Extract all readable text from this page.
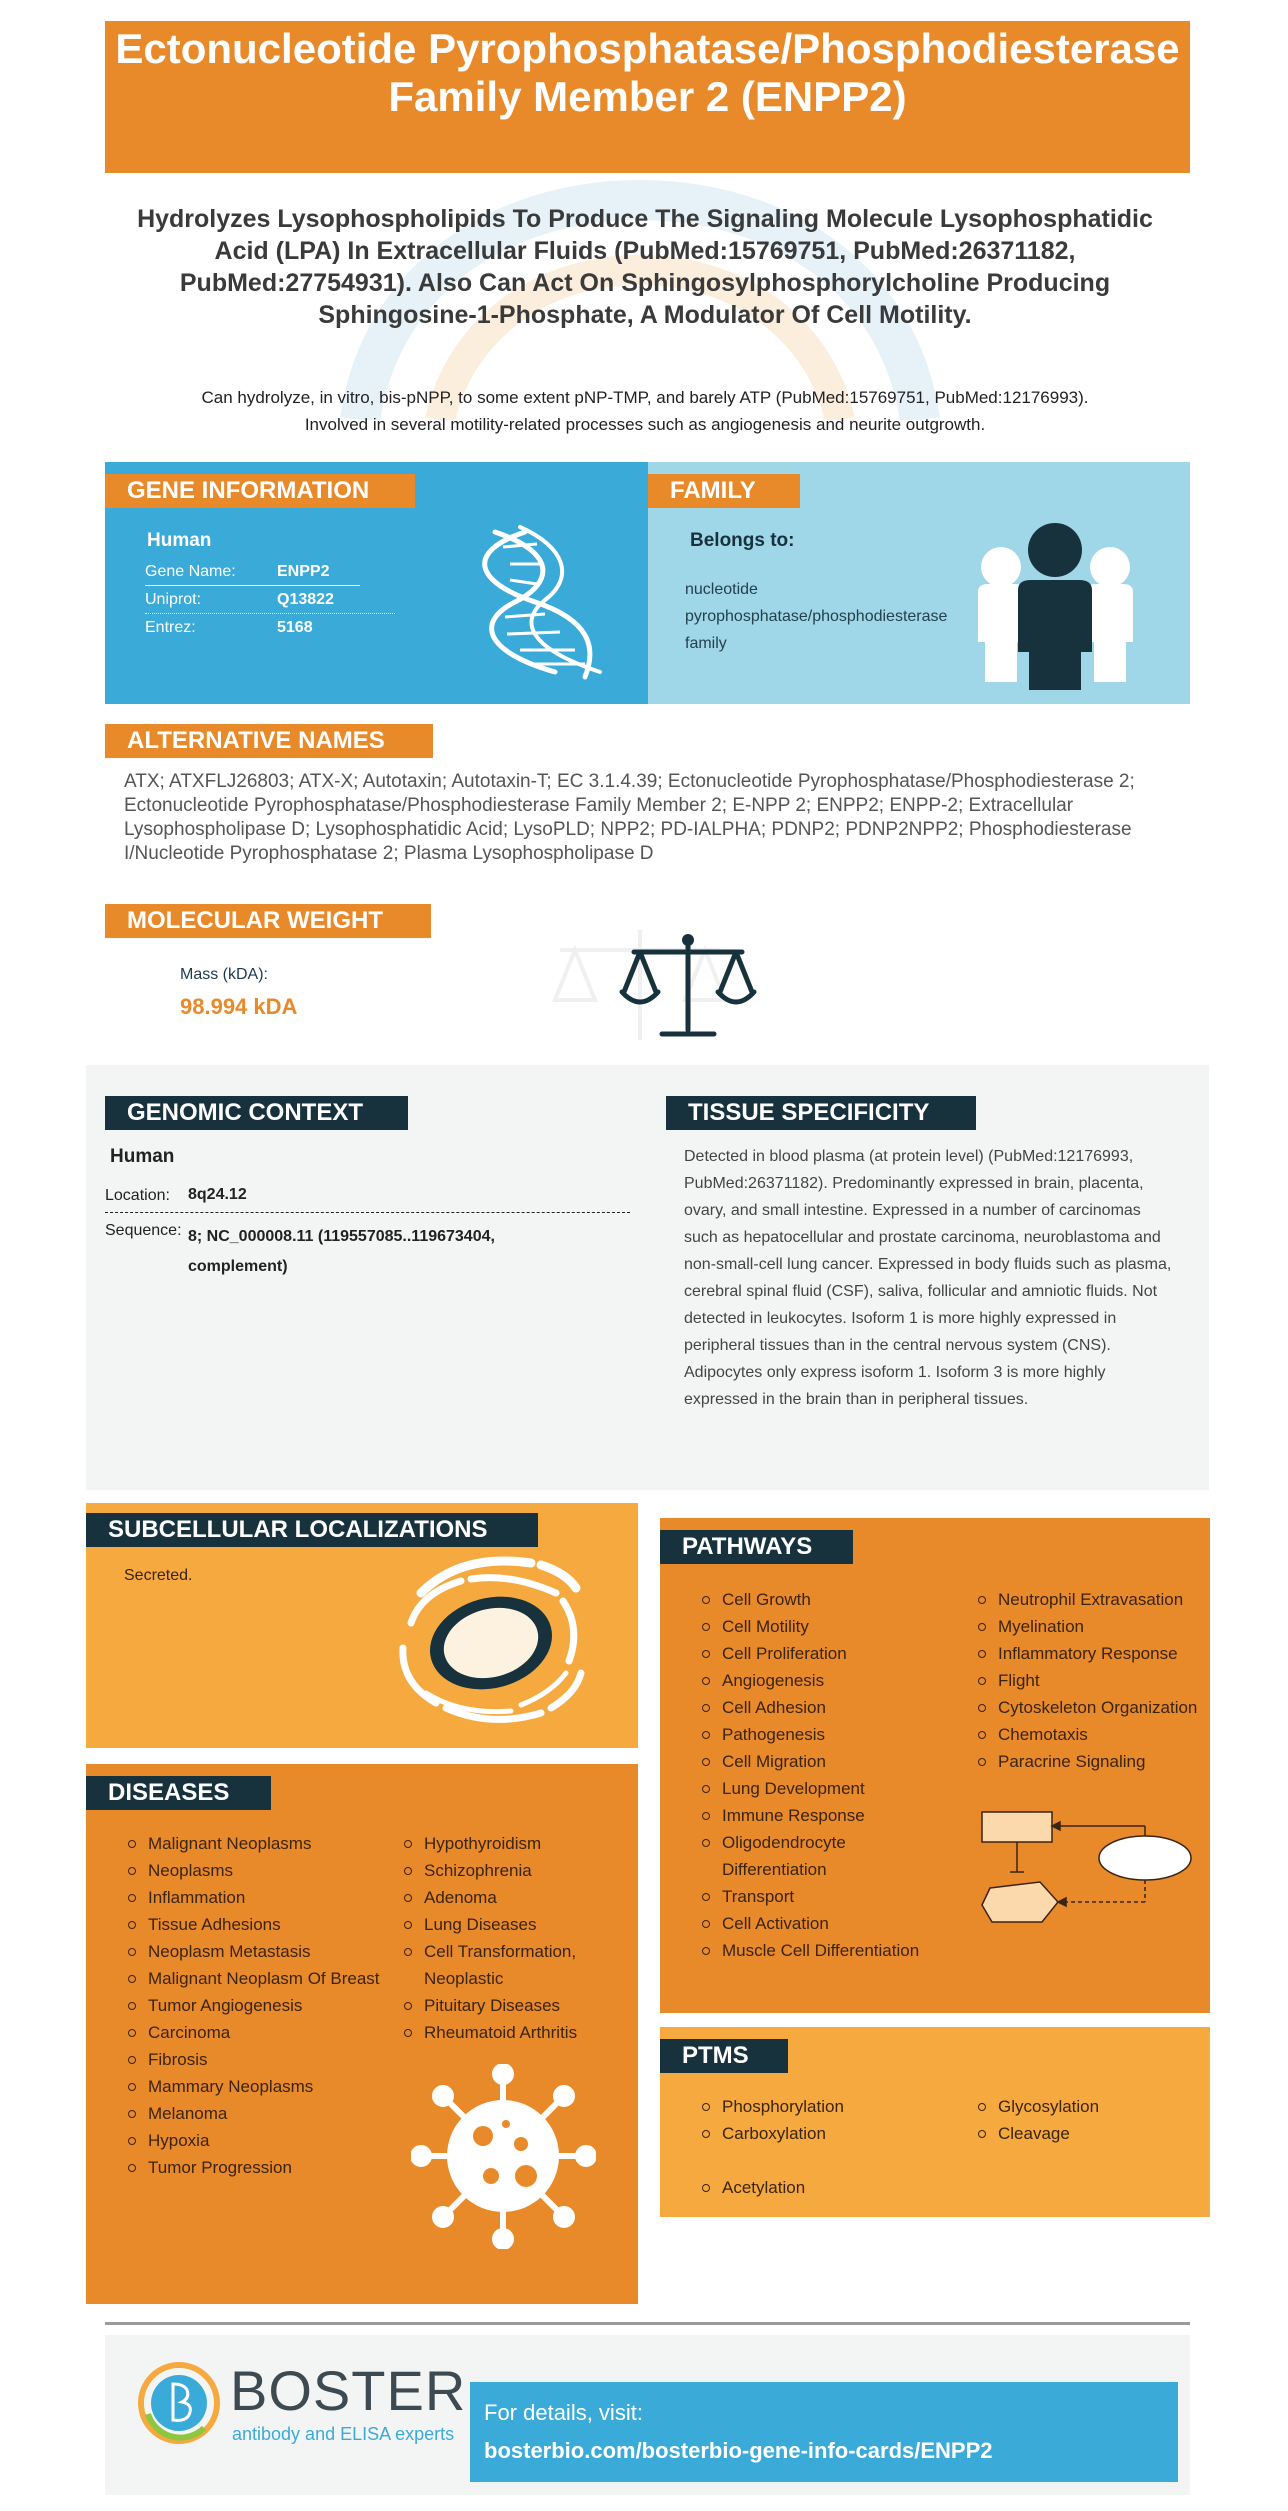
Ectonucleotide Pyrophosphatase/Phosphodiesterase Family Member 2 (ENPP2)
Hydrolyzes Lysophospholipids To Produce The Signaling Molecule Lysophosphatidic Acid (LPA) In Extracellular Fluids (PubMed:15769751, PubMed:26371182, PubMed:27754931). Also Can Act On Sphingosylphosphorylcholine Producing Sphingosine-1-Phosphate, A Modulator Of Cell Motility.
Can hydrolyze, in vitro, bis-pNPP, to some extent pNP-TMP, and barely ATP (PubMed:15769751, PubMed:12176993).
Involved in several motility-related processes such as angiogenesis and neurite outgrowth.
GENE INFORMATION
Human
Gene Name:	ENPP2
Uniprot:	Q13822
Entrez:	5168
FAMILY
Belongs to:
nucleotide
pyrophosphatase/phosphodiesterase
family
ALTERNATIVE NAMES
ATX; ATXFLJ26803; ATX-X; Autotaxin; Autotaxin-T; EC 3.1.4.39; Ectonucleotide Pyrophosphatase/Phosphodiesterase 2; Ectonucleotide Pyrophosphatase/Phosphodiesterase Family Member 2; E-NPP 2; ENPP2; ENPP-2; Extracellular Lysophospholipase D; Lysophosphatidic Acid; LysoPLD; NPP2; PD-IALPHA; PDNP2; PDNP2NPP2; Phosphodiesterase I/Nucleotide Pyrophosphatase 2; Plasma Lysophospholipase D
MOLECULAR WEIGHT
Mass (kDA):
98.994 kDA
GENOMIC CONTEXT
Human
Location: 8q24.12
Sequence: 8; NC_000008.11 (119557085..119673404,
complement)
TISSUE SPECIFICITY
Detected in blood plasma (at protein level) (PubMed:12176993, PubMed:26371182). Predominantly expressed in brain, placenta, ovary, and small intestine. Expressed in a number of carcinomas such as hepatocellular and prostate carcinoma, neuroblastoma and non-small-cell lung cancer. Expressed in body fluids such as plasma, cerebral spinal fluid (CSF), saliva, follicular and amniotic fluids. Not detected in leukocytes. Isoform 1 is more highly expressed in peripheral tissues than in the central nervous system (CNS). Adipocytes only express isoform 1. Isoform 3 is more highly expressed in the brain than in peripheral tissues.
SUBCELLULAR LOCALIZATIONS
Secreted.
DISEASES
Malignant Neoplasms
Neoplasms
Inflammation
Tissue Adhesions
Neoplasm Metastasis
Malignant Neoplasm Of Breast
Tumor Angiogenesis
Carcinoma
Fibrosis
Mammary Neoplasms
Melanoma
Hypoxia
Tumor Progression
Hypothyroidism
Schizophrenia
Adenoma
Lung Diseases
Cell Transformation, Neoplastic
Pituitary Diseases
Rheumatoid Arthritis
PATHWAYS
Cell Growth
Cell Motility
Cell Proliferation
Angiogenesis
Cell Adhesion
Pathogenesis
Cell Migration
Lung Development
Immune Response
Oligodendrocyte Differentiation
Transport
Cell Activation
Muscle Cell Differentiation
Neutrophil Extravasation
Myelination
Inflammatory Response
Flight
Cytoskeleton Organization
Chemotaxis
Paracrine Signaling
PTMS
Phosphorylation
Carboxylation
Glycosylation
Cleavage
Acetylation
BOSTER
antibody and ELISA experts
For details, visit:
bosterbio.com/bosterbio-gene-info-cards/ENPP2
